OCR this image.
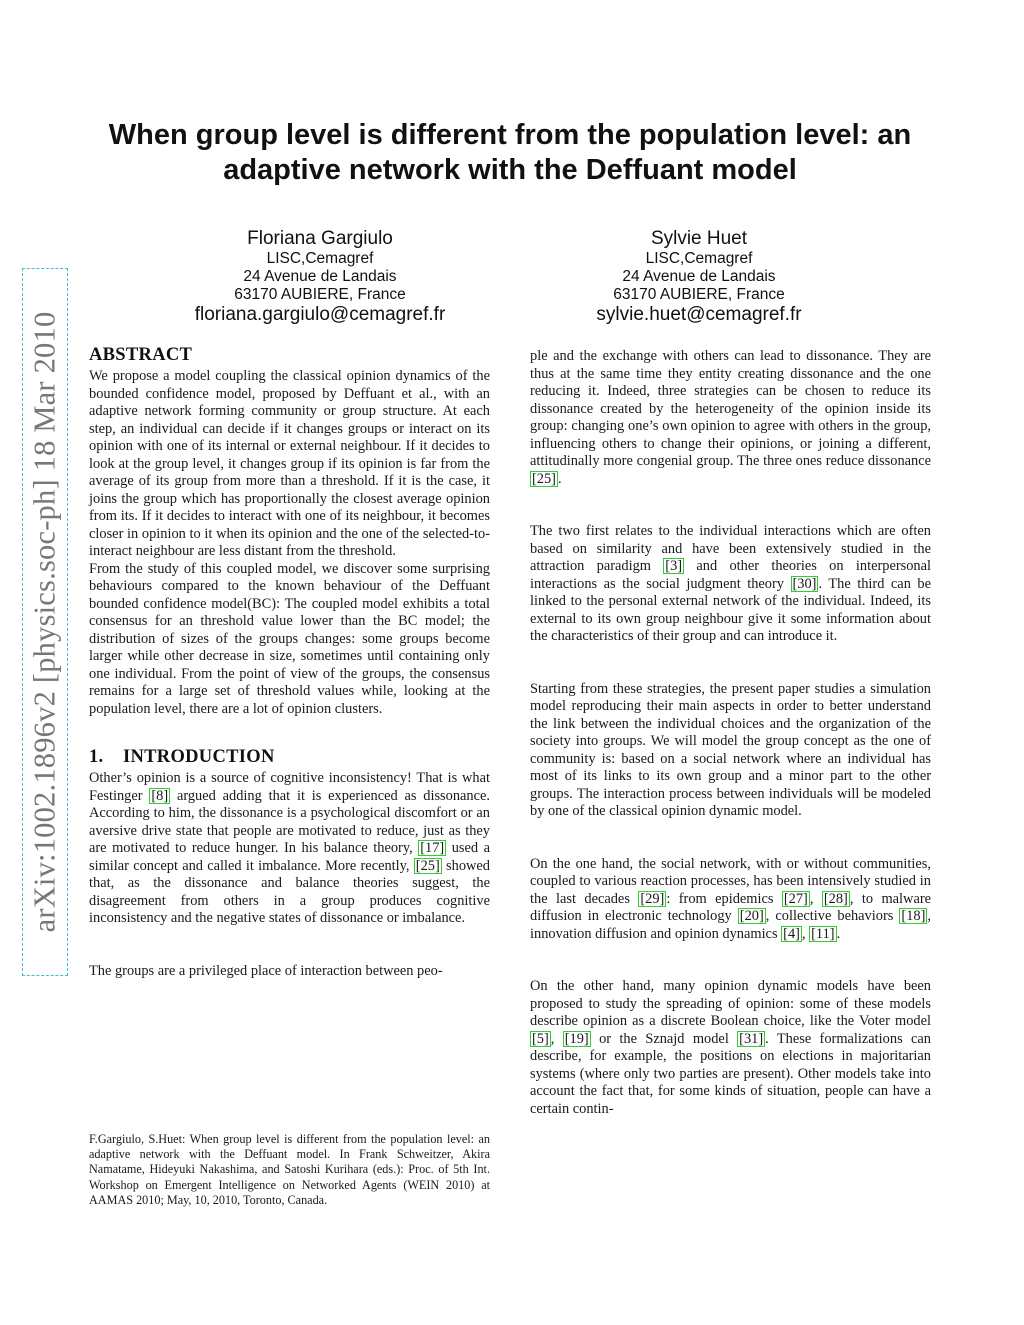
arXiv:1002.1896v2 [physics.soc-ph] 18 Mar 2010
When group level is different from the population level: an
adaptive network with the Deffuant model
Floriana Gargiulo
LISC,Cemagref
24 Avenue de Landais
63170 AUBIERE, France
floriana.gargiulo@cemagref.fr
Sylvie Huet
LISC,Cemagref
24 Avenue de Landais
63170 AUBIERE, France
sylvie.huet@cemagref.fr
ABSTRACT

We propose a model coupling the classical opinion dynamics of the bounded confidence model, proposed by Deffuant et al., with an adaptive network forming community or group structure. At each step, an individual can decide if it changes groups or interact on its opinion with one of its internal or external neighbour. If it decides to look at the group level, it changes group if its opinion is far from the average of its group from more than a threshold. If it is the case, it joins the group which has proportionally the closest average opinion from its. If it decides to interact with one of its neighbour, it becomes closer in opinion to it when its opinion and the one of the selected-to-interact neighbour are less distant from the threshold.

From the study of this coupled model, we discover some surprising behaviours compared to the known behaviour of the Deffuant bounded confidence model(BC): The coupled model exhibits a total consensus for an threshold value lower than the BC model; the distribution of sizes of the groups changes: some groups become larger while other decrease in size, sometimes until containing only one individual. From the point of view of the groups, the consensus remains for a large set of threshold values while, looking at the population level, there are a lot of opinion clusters.

1. INTRODUCTION

Other’s opinion is a source of cognitive inconsistency! That is what Festinger [8] argued adding that it is experienced as dissonance. According to him, the dissonance is a psychological discomfort or an aversive drive state that people are motivated to reduce, just as they are motivated to reduce hunger. In his balance theory, [17] used a similar concept and called it imbalance. More recently, [25] showed that, as the dissonance and balance theories suggest, the disagreement from others in a group produces cognitive inconsistency and the negative states of dissonance or imbalance.

The groups are a privileged place of interaction between peo-

F.Gargiulo, S.Huet: When group level is different from the population level: an adaptive network with the Deffuant model. In Frank Schweitzer, Akira Namatame, Hideyuki Nakashima, and Satoshi Kurihara (eds.): Proc. of 5th Int. Workshop on Emergent Intelligence on Networked Agents (WEIN 2010) at AAMAS 2010; May, 10, 2010, Toronto, Canada.

ple and the exchange with others can lead to dissonance. They are thus at the same time they entity creating dissonance and the one reducing it. Indeed, three strategies can be chosen to reduce its dissonance created by the heterogeneity of the opinion inside its group: changing one’s own opinion to agree with others in the group, influencing others to change their opinions, or joining a different, attitudinally more congenial group. The three ones reduce dissonance [25] .

The two first relates to the individual interactions which are often based on similarity and have been extensively studied in the attraction paradigm [3] and other theories on interpersonal interactions as the social judgment theory [30] . The third can be linked to the personal external network of the individual. Indeed, its external to its own group neighbour give it some information about the characteristics of their group and can introduce it.

Starting from these strategies, the present paper studies a simulation model reproducing their main aspects in order to better understand the link between the individual choices and the organization of the society into groups. We will model the group concept as the one of community is: based on a social network where an individual has most of its links to its own group and a minor part to the other groups. The interaction process between individuals will be modeled by one of the classical opinion dynamic model.

On the one hand, the social network, with or without communities, coupled to various reaction processes, has been intensively studied in the last decades [29] : from epidemics [27] , [28] , to malware diffusion in electronic technology [20] , collective behaviors [18] , innovation diffusion and opinion dynamics [4] , [11] .

On the other hand, many opinion dynamic models have been proposed to study the spreading of opinion: some of these models describe opinion as a discrete Boolean choice, like the Voter model [5] , [19] or the Sznajd model [31] . These formalizations can describe, for example, the positions on elections in majoritarian systems (where only two parties are present). Other models take into account the fact that, for some kinds of situation, people can have a certain contin-
